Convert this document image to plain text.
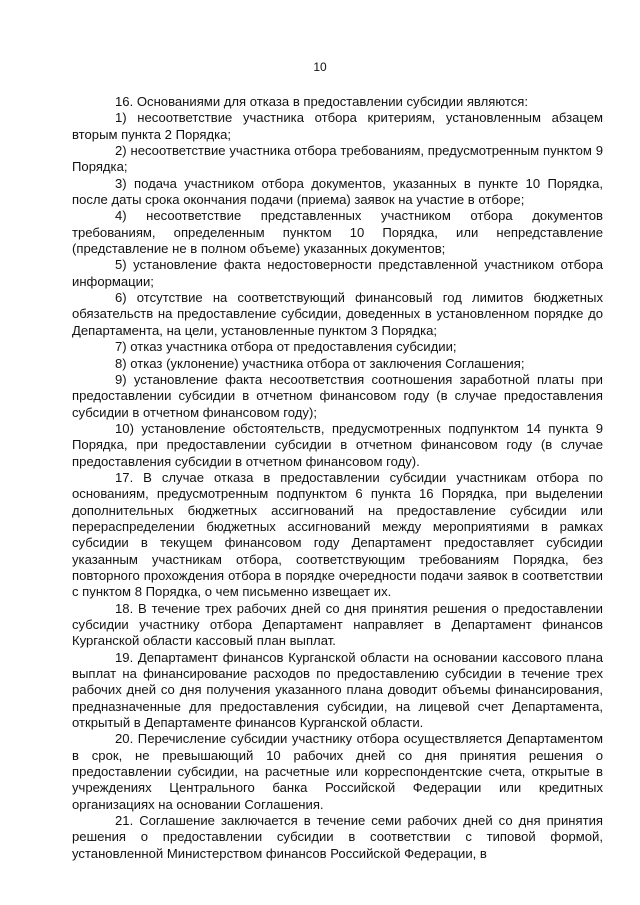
10

16. Основаниями для отказа в предоставлении субсидии являются:

1) несоответствие участника отбора критериям, установленным абзацем вторым пункта 2 Порядка;

2) несоответствие участника отбора требованиям, предусмотренным пунктом 9 Порядка;

3) подача участником отбора документов, указанных в пункте 10 Порядка, после даты срока окончания подачи (приема) заявок на участие в отборе;

4) несоответствие представленных участником отбора документов требованиям, определенным пунктом 10 Порядка, или непредставление (представление не в полном объеме) указанных документов;

5) установление факта недостоверности представленной участником отбора информации;

6) отсутствие на соответствующий финансовый год лимитов бюджетных обязательств на предоставление субсидии, доведенных в установленном порядке до Департамента, на цели, установленные пунктом 3 Порядка;

7) отказ участника отбора от предоставления субсидии;

8) отказ (уклонение) участника отбора от заключения Соглашения;

9) установление факта несоответствия соотношения заработной платы при предоставлении субсидии в отчетном финансовом году (в случае предоставления субсидии в отчетном финансовом году);

10) установление обстоятельств, предусмотренных подпунктом 14 пункта 9 Порядка, при предоставлении субсидии в отчетном финансовом году (в случае предоставления субсидии в отчетном финансовом году).

17. В случае отказа в предоставлении субсидии участникам отбора по основаниям, предусмотренным подпунктом 6 пункта 16 Порядка, при выделении дополнительных бюджетных ассигнований на предоставление субсидии или перераспределении бюджетных ассигнований между мероприятиями в рамках субсидии в текущем финансовом году Департамент предоставляет субсидии указанным участникам отбора, соответствующим требованиям Порядка, без повторного прохождения отбора в порядке очередности подачи заявок в соответствии с пунктом 8 Порядка, о чем письменно извещает их.

18. В течение трех рабочих дней со дня принятия решения о предоставлении субсидии участнику отбора Департамент направляет в Департамент финансов Курганской области кассовый план выплат.

19. Департамент финансов Курганской области на основании кассового плана выплат на финансирование расходов по предоставлению субсидии в течение трех рабочих дней со дня получения указанного плана доводит объемы финансирования, предназначенные для предоставления субсидии, на лицевой счет Департамента, открытый в Департаменте финансов Курганской области.

20. Перечисление субсидии участнику отбора осуществляется Департаментом в срок, не превышающий 10 рабочих дней со дня принятия решения о предоставлении субсидии, на расчетные или корреспондентские счета, открытые в учреждениях Центрального банка Российской Федерации или кредитных организациях на основании Соглашения.

21. Соглашение заключается в течение семи рабочих дней со дня принятия решения о предоставлении субсидии в соответствии с типовой формой, установленной Министерством финансов Российской Федерации, в
